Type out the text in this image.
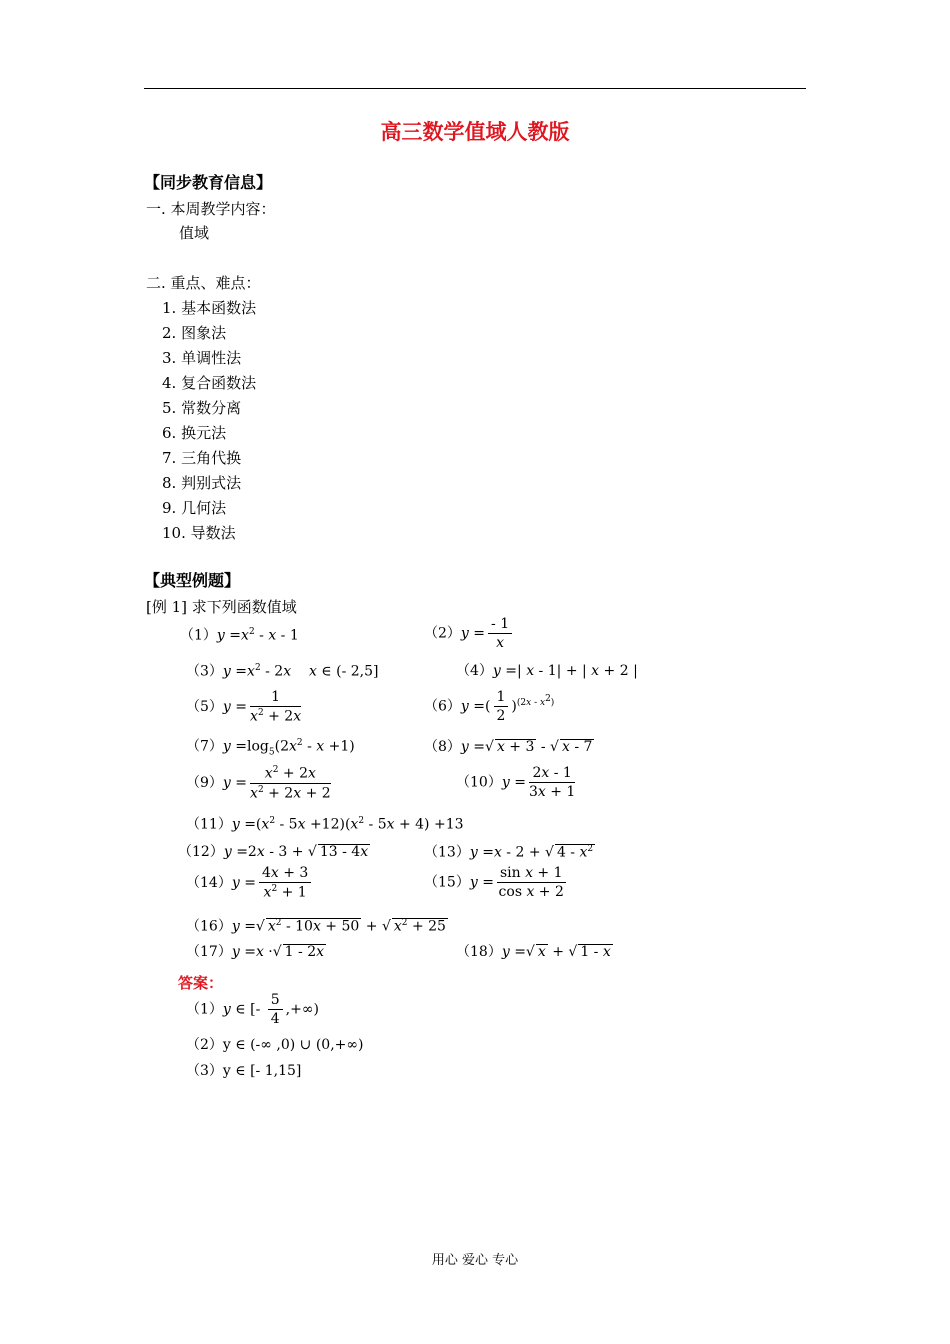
高三数学值域人教版
【同步教育信息】
一. 本周教学内容：
值域
二. 重点、难点：
1. 基本函数法
2. 图象法
3. 单调性法
4. 复合函数法
5. 常数分离
6. 换元法
7. 三角代换
8. 判别式法
9. 几何法
10. 导数法
【典型例题】
[例 1] 求下列函数值域
$(1)y =x^2 - x - 1$	$(2)y = \frac{- 1}{x}$
$(3)y =x^2 - 2x$ x ∈ (- 2,5]	（4）y =| x - 1| + | x + 2 |
$(5)y = \frac{1}{x^2 + 2x}$	（6）y =( $\frac{1}{2} )^{(2x - x^2)}$
$(7)y =\log_5(2x^2 - x +1)$	（8）y =√ x + 3 - √ x - 7
$(9)y = \frac{x^2 + 2x}{x^2 + 2x + 2}$	$(10)y = \frac{2x - 1}{3x + 1}$
$(11)y =(x^2 - 5x +12)(x^2 - 5x + 4) +13$
（12）y =2x - 3 + √ 13 - 4x	（13）y =x - 2 + √ $4 - x^2$
$(14)y = \frac{4x + 3}{x^2 + 1}$	$(15)y = \frac{\text{sin x + 1}}{\text{cos x + 2}}$
（16）y =√ $x^2 - 10x + 50$ + √ $x^2 + 25$
（17）y =x ·√ 1 - 2x	（18）y =√ x + √ 1 - x
答案：
（1）y ∈ [- $\frac{5}{4}$ ,+∞)
（2）y ∈ (-∞ ,0) ∪ (0,+∞)
（3）y ∈ [- 1,15]
用心 爱心 专心
